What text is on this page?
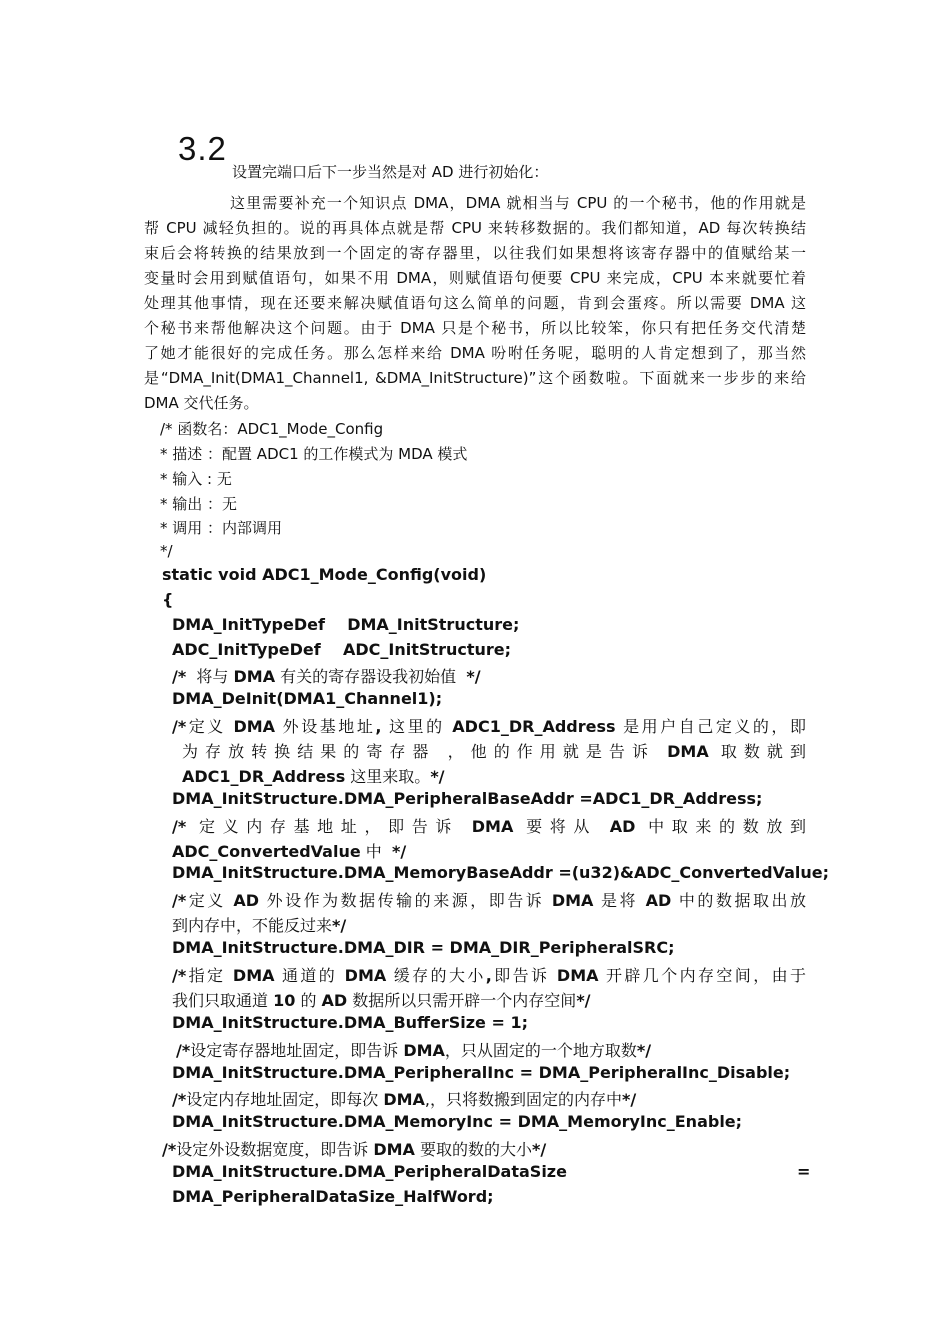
3.2
设置完端口后下一步当然是对 AD 进行初始化：
这里需要补充一个知识点 DMA，DMA 就相当与 CPU 的一个秘书，他的作用就是
帮 CPU 减轻负担的。说的再具体点就是帮 CPU 来转移数据的。我们都知道，AD 每次转换结
束后会将转换的结果放到一个固定的寄存器里，以往我们如果想将该寄存器中的值赋给某一
变量时会用到赋值语句，如果不用 DMA，则赋值语句便要 CPU 来完成，CPU 本来就要忙着
处理其他事情，现在还要来解决赋值语句这么简单的问题，肯到会蛋疼。所以需要 DMA 这
个秘书来帮他解决这个问题。由于 DMA 只是个秘书，所以比较笨，你只有把任务交代清楚
了她才能很好的完成任务。那么怎样来给 DMA 吩咐任务呢，聪明的人肯定想到了，那当然
是“DMA_Init(DMA1_Channel1, &DMA_InitStructure)”这个函数啦。下面就来一步步的来给
DMA 交代任务。
/* 函数名：ADC1_Mode_Config
* 描述 ：配置 ADC1 的工作模式为 MDA 模式
* 输入 : 无
* 输出 ：无
* 调用 ：内部调用
*/
static void ADC1_Mode_Config(void)
{
DMA_InitTypeDef    DMA_InitStructure;
ADC_InitTypeDef    ADC_InitStructure;
/*  将与 DMA 有关的寄存器设我初始值  */
DMA_DeInit(DMA1_Channel1);
/*定义 DMA 外设基地址, 这里的 ADC1_DR_Address 是用户自己定义的，即
为存放转换结果的寄存器 ，他的作用就是告诉 DMA 取数就到
ADC1_DR_Address 这里来取。*/
DMA_InitStructure.DMA_PeripheralBaseAddr =ADC1_DR_Address;
/* 定义内存基地址，即告诉 DMA 要将从 AD 中取来的数放到
ADC_ConvertedValue 中  */
DMA_InitStructure.DMA_MemoryBaseAddr =(u32)&ADC_ConvertedValue;
/*定义 AD 外设作为数据传输的来源，即告诉 DMA 是将 AD 中的数据取出放
到内存中，不能反过来*/
DMA_InitStructure.DMA_DIR = DMA_DIR_PeripheralSRC;
/*指定 DMA 通道的 DMA 缓存的大小,即告诉 DMA 开辟几个内存空间，由于
我们只取通道 10 的 AD 数据所以只需开辟一个内存空间*/
DMA_InitStructure.DMA_BufferSize = 1;
/*设定寄存器地址固定，即告诉 DMA，只从固定的一个地方取数*/
DMA_InitStructure.DMA_PeripheralInc = DMA_PeripheralInc_Disable;
/*设定内存地址固定，即每次 DMA,，只将数搬到固定的内存中*/
DMA_InitStructure.DMA_MemoryInc = DMA_MemoryInc_Enable;
/*设定外设数据宽度，即告诉 DMA 要取的数的大小*/
DMA_InitStructure.DMA_PeripheralDataSize	=
DMA_PeripheralDataSize_HalfWord;
